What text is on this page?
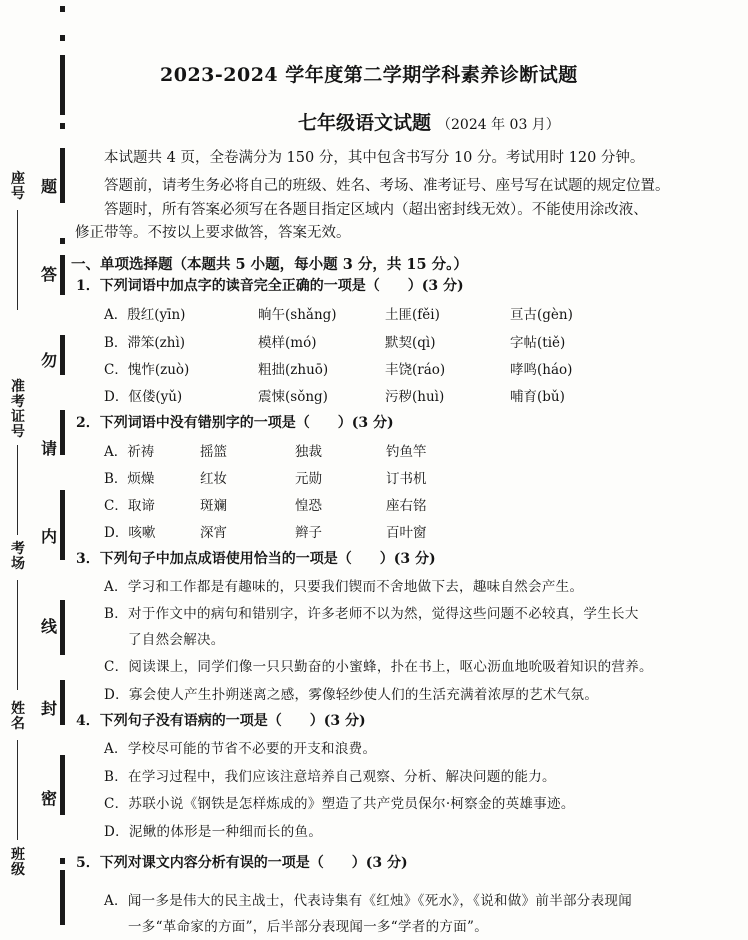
题
答
勿
请
内
线
封
密
座号
准考证号
考场
姓名
班级
2023-2024 学年度第二学期学科素养诊断试题
七年级语文试题 （2024 年 03 月）
本试题共 4 页，全卷满分为 150 分，其中包含书写分 10 分。考试用时 120 分钟。
答题前，请考生务必将自己的班级、姓名、考场、准考证号、座号写在试题的规定位置。
答题时，所有答案必须写在各题目指定区域内（超出密封线无效）。不能使用涂改液、
修正带等。不按以上要求做答，答案无效。
一、单项选择题（本题共 5 小题，每小题 3 分，共 15 分。）
1．下列词语中加点字的读音完全正确的一项是（　　）(3 分)
A．殷红(yīn)	晌午(shǎng)	土匪(fěi)	亘古(gèn)
B．滞笨(zhì)	模样(mó)	默契(qì)	字帖(tiě)
C．愧怍(zuò)	粗拙(zhuō)	丰饶(ráo)	哮鸣(háo)
D．伛偻(yǔ)	震悚(sǒng)	污秽(huì)	哺育(bǔ)
2．下列词语中没有错别字的一项是（　　）(3 分)
A．祈祷	摇篮	独裁	钓鱼竿
B．烦燥	红妆	元勋	订书机
C．取谛	斑斓	惶恐	座右铭
D．咳嗽	深宵	辫子	百叶窗
3．下列句子中加点成语使用恰当的一项是（　　）(3 分)
A．学习和工作都是有趣味的，只要我们锲而不舍地做下去，趣味自然会产生。
B．对于作文中的病句和错别字，许多老师不以为然，觉得这些问题不必较真，学生长大
了自然会解决。
C．阅读课上，同学们像一只只勤奋的小蜜蜂，扑在书上，呕心沥血地吮吸着知识的营养。
D．寡会使人产生扑朔迷离之感，雾像轻纱使人们的生活充满着浓厚的艺术气氛。
4．下列句子没有语病的一项是（　　）(3 分)
A．学校尽可能的节省不必要的开支和浪费。
B．在学习过程中，我们应该注意培养自己观察、分析、解决问题的能力。
C．苏联小说《钢铁是怎样炼成的》塑造了共产党员保尔·柯察金的英雄事迹。
D．泥鳅的体形是一种细而长的鱼。
5．下列对课文内容分析有误的一项是（　　）(3 分)
A．闻一多是伟大的民主战士，代表诗集有《红烛》《死水》，《说和做》前半部分表现闻
一多“革命家的方面”，后半部分表现闻一多“学者的方面”。
